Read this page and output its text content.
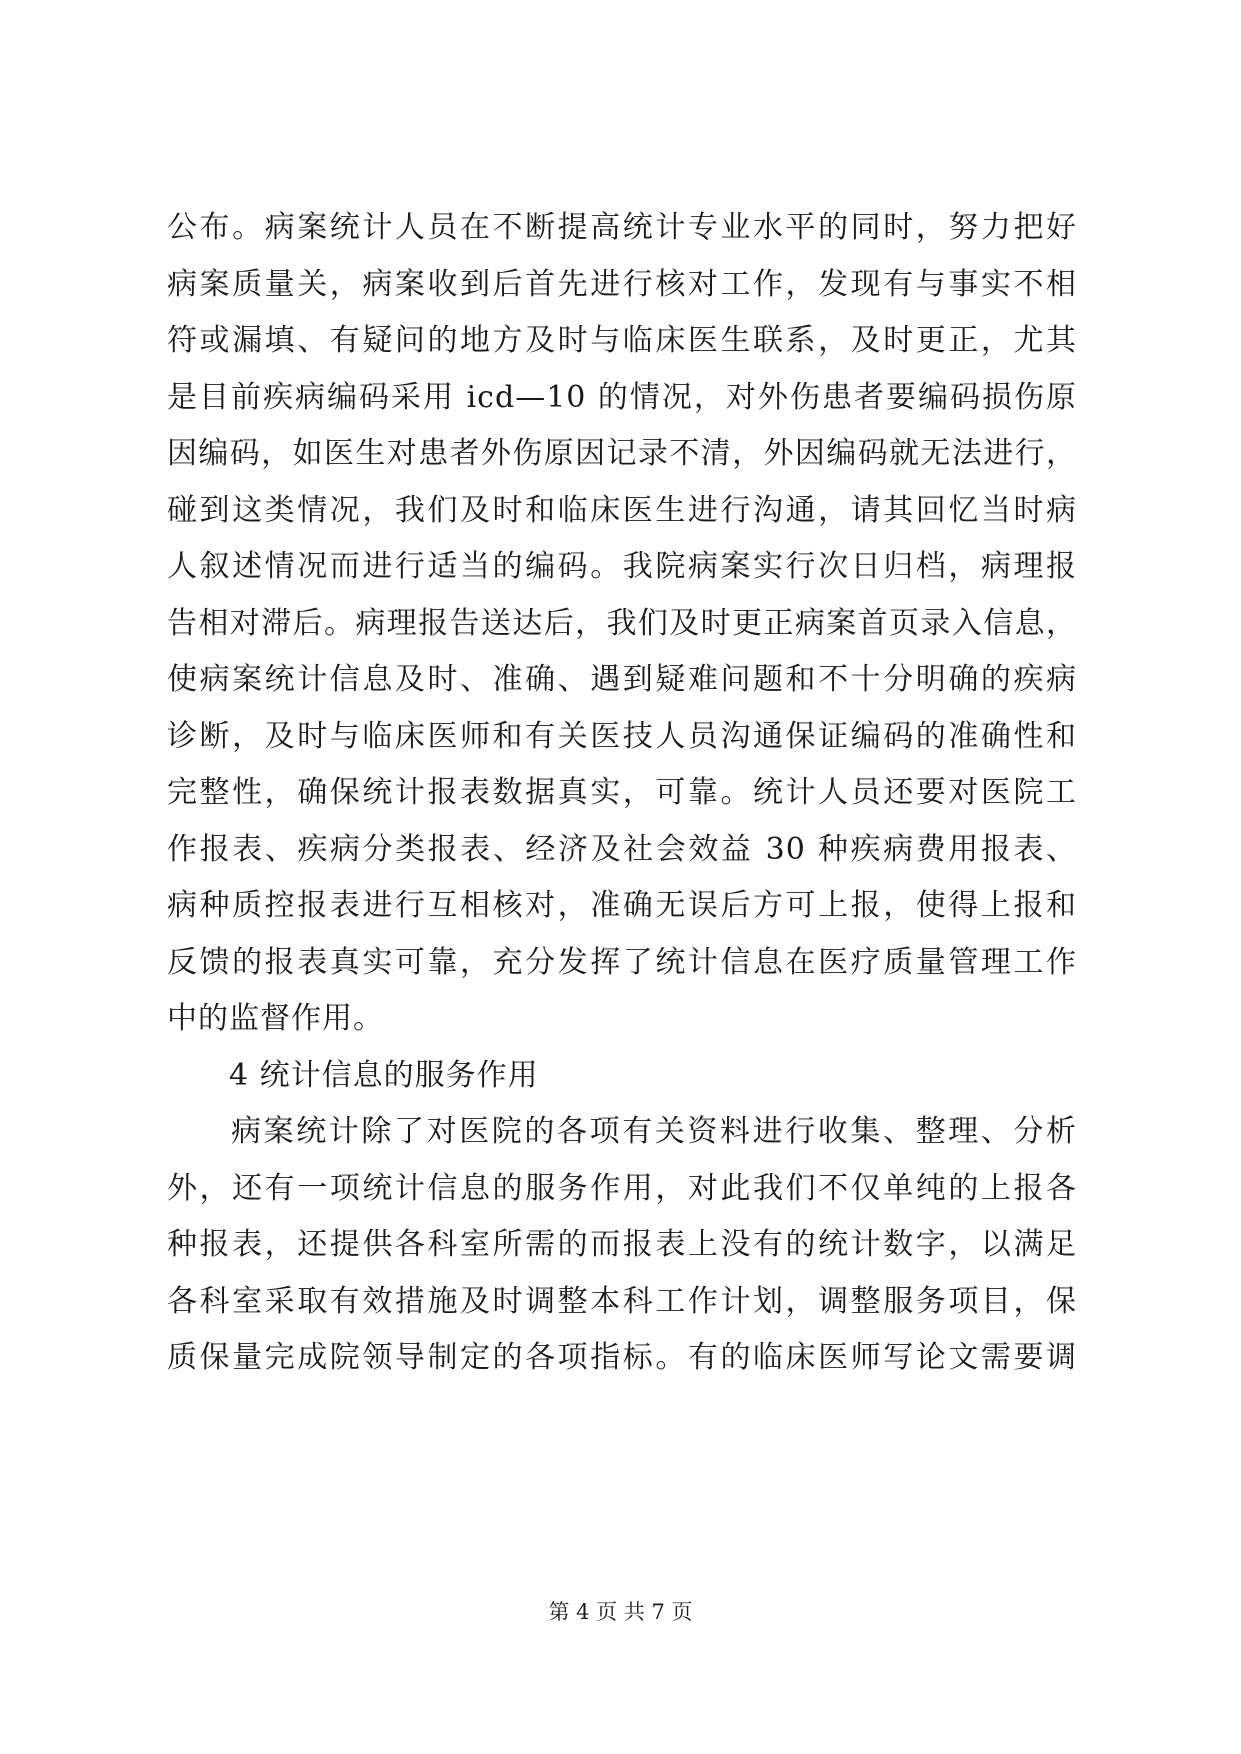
公布。病案统计人员在不断提高统计专业水平的同时，努力把好
病案质量关，病案收到后首先进行核对工作，发现有与事实不相
符或漏填、有疑问的地方及时与临床医生联系，及时更正，尤其
是目前疾病编码采用 icd—10 的情况，对外伤患者要编码损伤原
因编码，如医生对患者外伤原因记录不清，外因编码就无法进行，
碰到这类情况，我们及时和临床医生进行沟通，请其回忆当时病
人叙述情况而进行适当的编码。我院病案实行次日归档，病理报
告相对滞后。病理报告送达后，我们及时更正病案首页录入信息，
使病案统计信息及时、准确、遇到疑难问题和不十分明确的疾病
诊断，及时与临床医师和有关医技人员沟通保证编码的准确性和
完整性，确保统计报表数据真实，可靠。统计人员还要对医院工
作报表、疾病分类报表、经济及社会效益 30 种疾病费用报表、
病种质控报表进行互相核对，准确无误后方可上报，使得上报和
反馈的报表真实可靠，充分发挥了统计信息在医疗质量管理工作
中的监督作用。
4 统计信息的服务作用
病案统计除了对医院的各项有关资料进行收集、整理、分析
外，还有一项统计信息的服务作用，对此我们不仅单纯的上报各
种报表，还提供各科室所需的而报表上没有的统计数字，以满足
各科室采取有效措施及时调整本科工作计划，调整服务项目，保
质保量完成院领导制定的各项指标。有的临床医师写论文需要调
第 4 页 共 7 页
